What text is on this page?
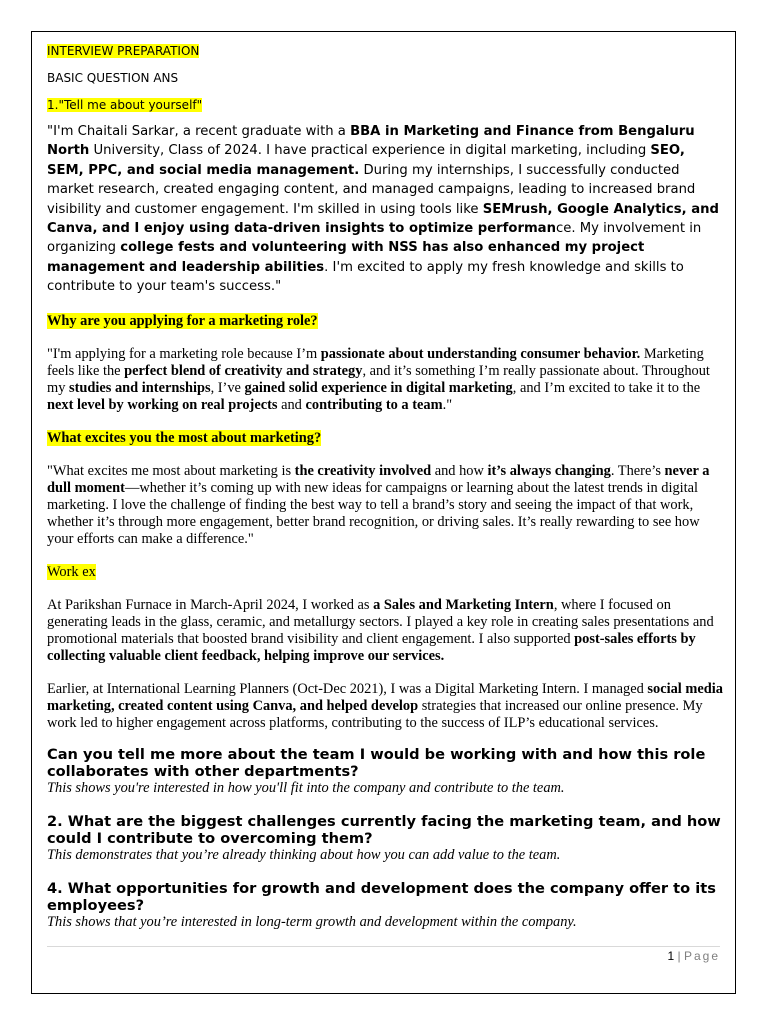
INTERVIEW PREPARATION
BASIC QUESTION ANS
1."Tell me about yourself"

"I'm Chaitali Sarkar, a recent graduate with a BBA in Marketing and Finance from Bengaluru North University, Class of 2024. I have practical experience in digital marketing, including SEO, SEM, PPC, and social media management. During my internships, I successfully conducted market research, created engaging content, and managed campaigns, leading to increased brand visibility and customer engagement. I'm skilled in using tools like SEMrush, Google Analytics, and Canva, and I enjoy using data-driven insights to optimize performance. My involvement in organizing college fests and volunteering with NSS has also enhanced my project management and leadership abilities. I'm excited to apply my fresh knowledge and skills to contribute to your team's success."

Why are you applying for a marketing role?

"I'm applying for a marketing role because I’m passionate about understanding consumer behavior. Marketing feels like the perfect blend of creativity and strategy, and it’s something I’m really passionate about. Throughout my studies and internships, I’ve gained solid experience in digital marketing, and I’m excited to take it to the next level by working on real projects and contributing to a team."

What excites you the most about marketing?

"What excites me most about marketing is the creativity involved and how it’s always changing. There’s never a dull moment—whether it’s coming up with new ideas for campaigns or learning about the latest trends in digital marketing. I love the challenge of finding the best way to tell a brand’s story and seeing the impact of that work, whether it’s through more engagement, better brand recognition, or driving sales. It’s really rewarding to see how your efforts can make a difference."

Work ex

At Parikshan Furnace in March-April 2024, I worked as a Sales and Marketing Intern, where I focused on generating leads in the glass, ceramic, and metallurgy sectors. I played a key role in creating sales presentations and promotional materials that boosted brand visibility and client engagement. I also supported post-sales efforts by collecting valuable client feedback, helping improve our services.

Earlier, at International Learning Planners (Oct-Dec 2021), I was a Digital Marketing Intern. I managed social media marketing, created content using Canva, and helped develop strategies that increased our online presence. My work led to higher engagement across platforms, contributing to the success of ILP’s educational services.

Can you tell me more about the team I would be working with and how this role collaborates with other departments?
This shows you're interested in how you'll fit into the company and contribute to the team.
2. What are the biggest challenges currently facing the marketing team, and how could I contribute to overcoming them?
This demonstrates that you’re already thinking about how you can add value to the team.
4. What opportunities for growth and development does the company offer to its employees?
This shows that you’re interested in long-term growth and development within the company.
1 | Page
